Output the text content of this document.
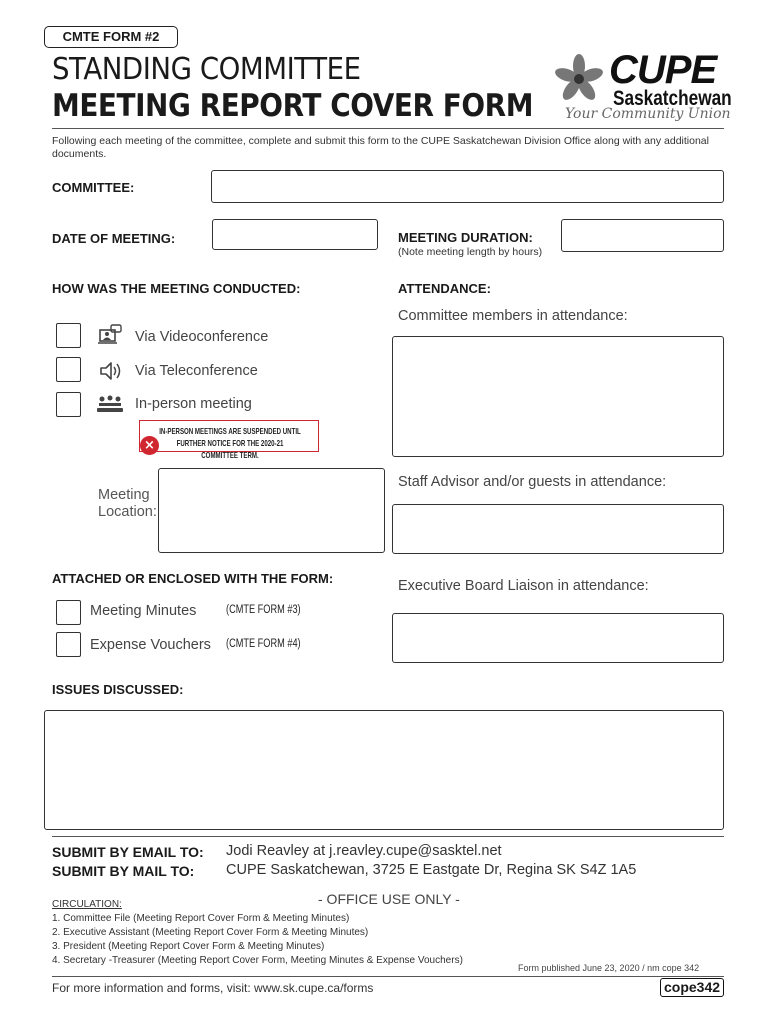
CMTE FORM #2
STANDING COMMITTEE
MEETING REPORT COVER FORM
CUPE
Saskatchewan
Your Community Union
Following each meeting of the committee, complete and submit this form to the CUPE Saskatchewan Division Office along with any additional documents.
COMMITTEE:
DATE OF MEETING:	MEETING DURATION:
(Note meeting length by hours)
HOW WAS THE MEETING CONDUCTED:
Via Videoconference
Via Teleconference
In-person meeting
IN-PERSON MEETINGS ARE SUSPENDED UNTIL FURTHER NOTICE FOR THE 2020-21 COMMITTEE TERM.
×
Meeting
Location:
ATTENDANCE:
Committee members in attendance:
Staff Advisor and/or guests in attendance:
Executive Board Liaison in attendance:
ATTACHED OR ENCLOSED WITH THE FORM:
Meeting Minutes	(CMTE FORM #3)
Expense Vouchers (CMTE FORM #4)
ISSUES DISCUSSED:
SUBMIT BY EMAIL TO: Jodi Reavley at j.reavley.cupe@sasktel.net
SUBMIT BY MAIL TO: CUPE Saskatchewan, 3725 E Eastgate Dr, Regina SK S4Z 1A5
CIRCULATION:	- OFFICE USE ONLY -
1. Committee File (Meeting Report Cover Form & Meeting Minutes)
2. Executive Assistant (Meeting Report Cover Form & Meeting Minutes)
3. President (Meeting Report Cover Form & Meeting Minutes)
4. Secretary -Treasurer (Meeting Report Cover Form, Meeting Minutes & Expense Vouchers)
Form published June 23, 2020 / nm cope 342
For more information and forms, visit: www.sk.cupe.ca/forms	cope342
